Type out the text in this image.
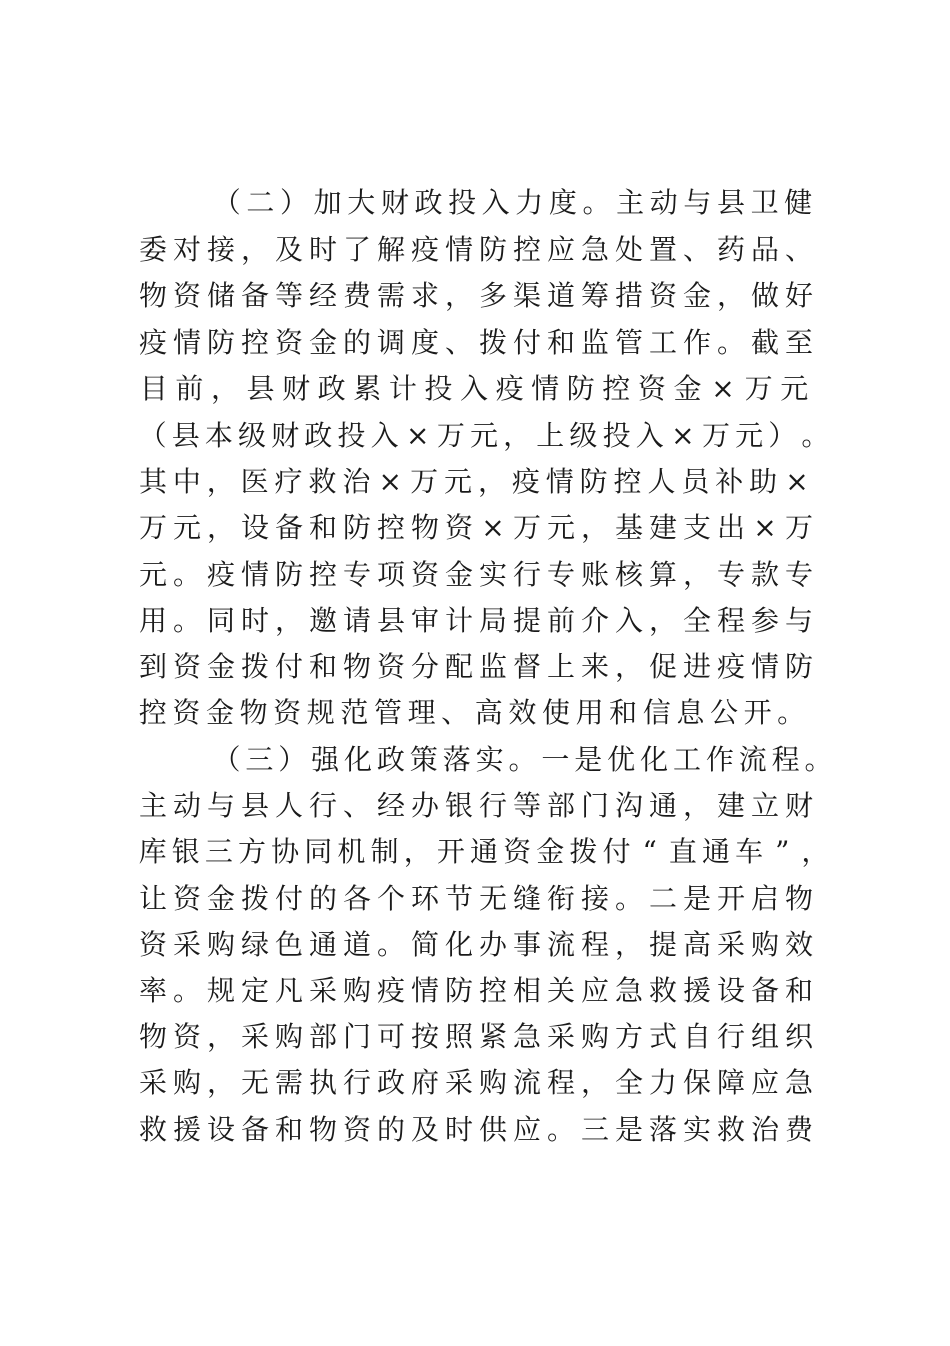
（ 二 ） 加 大 财 政 投 入 力 度 。 主 动 与 县 卫 健
委 对 接 ， 及 时 了 解 疫 情 防 控 应 急 处 置 、 药 品 、
物 资 储 备 等 经 费 需 求 ， 多 渠 道 筹 措 资 金 ， 做 好
疫 情 防 控 资 金 的 调 度 、 拨 付 和 监 管 工 作 。 截 至
目 前 ， 县 财 政 累 计 投 入 疫 情 防 控 资 金 × 万 元
（ 县 本 级 财 政 投 入 × 万 元 ， 上 级 投 入 × 万 元 ） 。
其 中 ， 医 疗 救 治 × 万 元 ， 疫 情 防 控 人 员 补 助 ×
万 元 ， 设 备 和 防 控 物 资 × 万 元 ， 基 建 支 出 × 万
元 。 疫 情 防 控 专 项 资 金 实 行 专 账 核 算 ， 专 款 专
用 。 同 时 ， 邀 请 县 审 计 局 提 前 介 入 ， 全 程 参 与
到 资 金 拨 付 和 物 资 分 配 监 督 上 来 ， 促 进 疫 情 防
控 资 金 物 资 规 范 管 理 、 高 效 使 用 和 信 息 公 开 。
（ 三 ） 强 化 政 策 落 实 。 一 是 优 化 工 作 流 程 。
主 动 与 县 人 行 、 经 办 银 行 等 部 门 沟 通 ， 建 立 财
库 银 三 方 协 同 机 制 ， 开 通 资 金 拨 付 “ 直 通 车 ” ，
让 资 金 拨 付 的 各 个 环 节 无 缝 衔 接 。 二 是 开 启 物
资 采 购 绿 色 通 道 。 简 化 办 事 流 程 ， 提 高 采 购 效
率 。 规 定 凡 采 购 疫 情 防 控 相 关 应 急 救 援 设 备 和
物 资 ， 采 购 部 门 可 按 照 紧 急 采 购 方 式 自 行 组 织
采 购 ， 无 需 执 行 政 府 采 购 流 程 ， 全 力 保 障 应 急
救 援 设 备 和 物 资 的 及 时 供 应 。 三 是 落 实 救 治 费
